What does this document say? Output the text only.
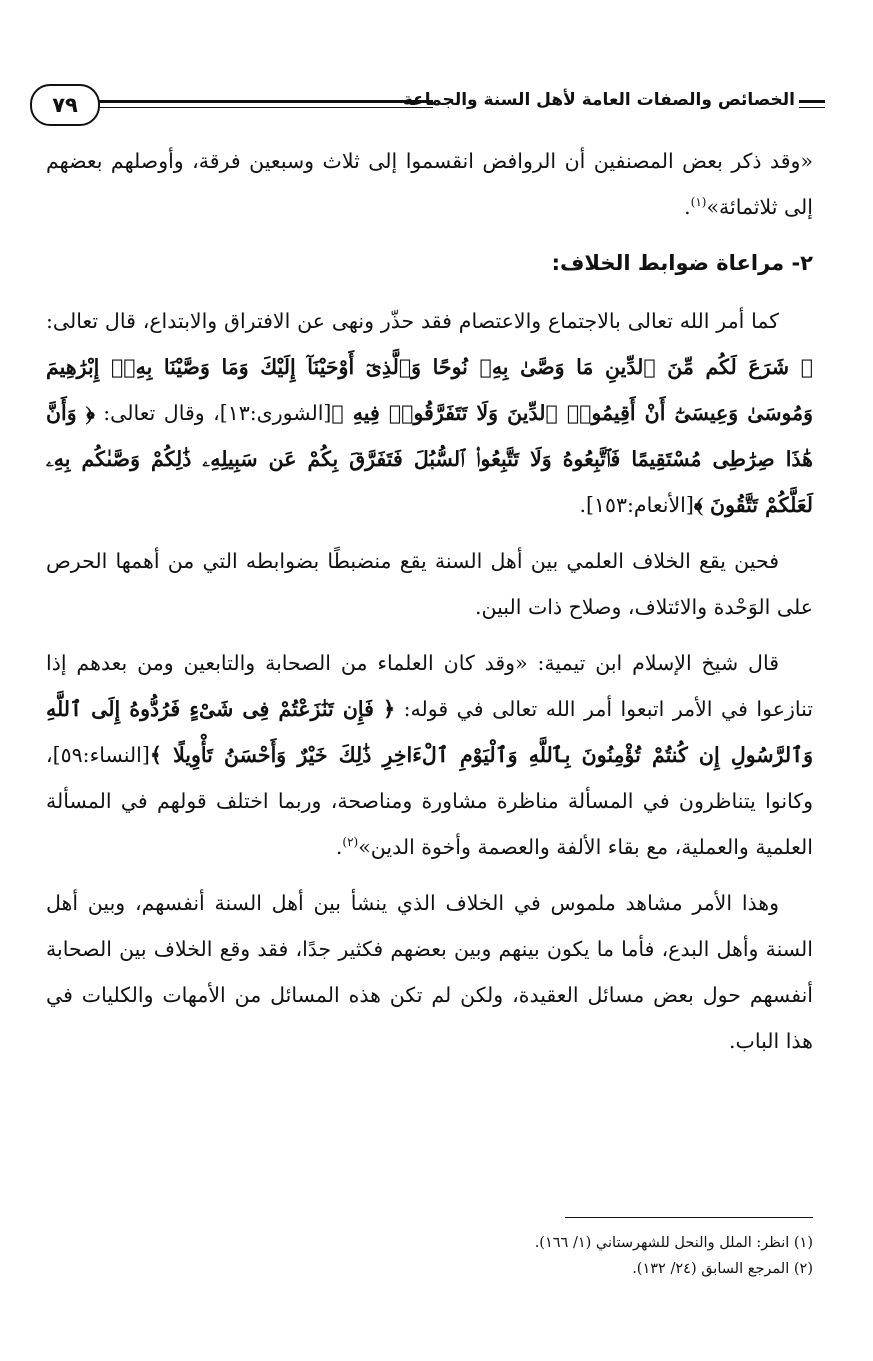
٧٩	الخصائص والصفات العامة لأهل السنة والجماعة

«وقد ذكر بعض المصنفين أن الروافض انقسموا إلى ثلاث وسبعين فرقة، وأوصلهم بعضهم إلى ثلاثمائة»$^{(١)}$.

٢- مراعاة ضوابط الخلاف:

كما أمر الله تعالى بالاجتماع والاعتصام فقد حذّر ونهى عن الافتراق والابتداع، قال تعالى: ﴿ شَرَعَ لَكُم مِّنَ ٱلدِّينِ مَا وَصَّىٰ بِهِۦ نُوحًا وَٱلَّذِىٓ أَوْحَيْنَآ إِلَيْكَ وَمَا وَصَّيْنَا بِهِۦٓ إِبْرَٰهِيمَ وَمُوسَىٰ وَعِيسَىٰٓ أَنْ أَقِيمُوا۟ ٱلدِّينَ وَلَا تَتَفَرَّقُوا۟ فِيهِ ﴾[الشورى:١٣]، وقال تعالى: ﴿ وَأَنَّ هَٰذَا صِرَٰطِى مُسْتَقِيمًا فَٱتَّبِعُوهُ وَلَا تَتَّبِعُوا۟ ٱلسُّبُلَ فَتَفَرَّقَ بِكُمْ عَن سَبِيلِهِۦ ذَٰلِكُمْ وَصَّىٰكُم بِهِۦ لَعَلَّكُمْ تَتَّقُونَ ﴾[الأنعام:١٥٣].

فحين يقع الخلاف العلمي بين أهل السنة يقع منضبطًا بضوابطه التي من أهمها الحرص على الوَحْدة والائتلاف، وصلاح ذات البين.

قال شيخ الإسلام ابن تيمية: «وقد كان العلماء من الصحابة والتابعين ومن بعدهم إذا تنازعوا في الأمر اتبعوا أمر الله تعالى في قوله: ﴿ فَإِن تَنَٰزَعْتُمْ فِى شَىْءٍ فَرُدُّوهُ إِلَى ٱللَّهِ وَٱلرَّسُولِ إِن كُنتُمْ تُؤْمِنُونَ بِٱللَّهِ وَٱلْيَوْمِ ٱلْءَاخِرِ ذَٰلِكَ خَيْرٌ وَأَحْسَنُ تَأْوِيلًا ﴾[النساء:٥٩]، وكانوا يتناظرون في المسألة مناظرة مشاورة ومناصحة، وربما اختلف قولهم في المسألة العلمية والعملية، مع بقاء الألفة والعصمة وأخوة الدين»$^{(٢)}$.

وهذا الأمر مشاهد ملموس في الخلاف الذي ينشأ بين أهل السنة أنفسهم، وبين أهل السنة وأهل البدع، فأما ما يكون بينهم وبين بعضهم فكثير جدًا، فقد وقع الخلاف بين الصحابة أنفسهم حول بعض مسائل العقيدة، ولكن لم تكن هذه المسائل من الأمهات والكليات في هذا الباب.

(١) انظر: الملل والنحل للشهرستاني (١/ ١٦٦).
(٢) المرجع السابق (٢٤/ ١٣٢).
